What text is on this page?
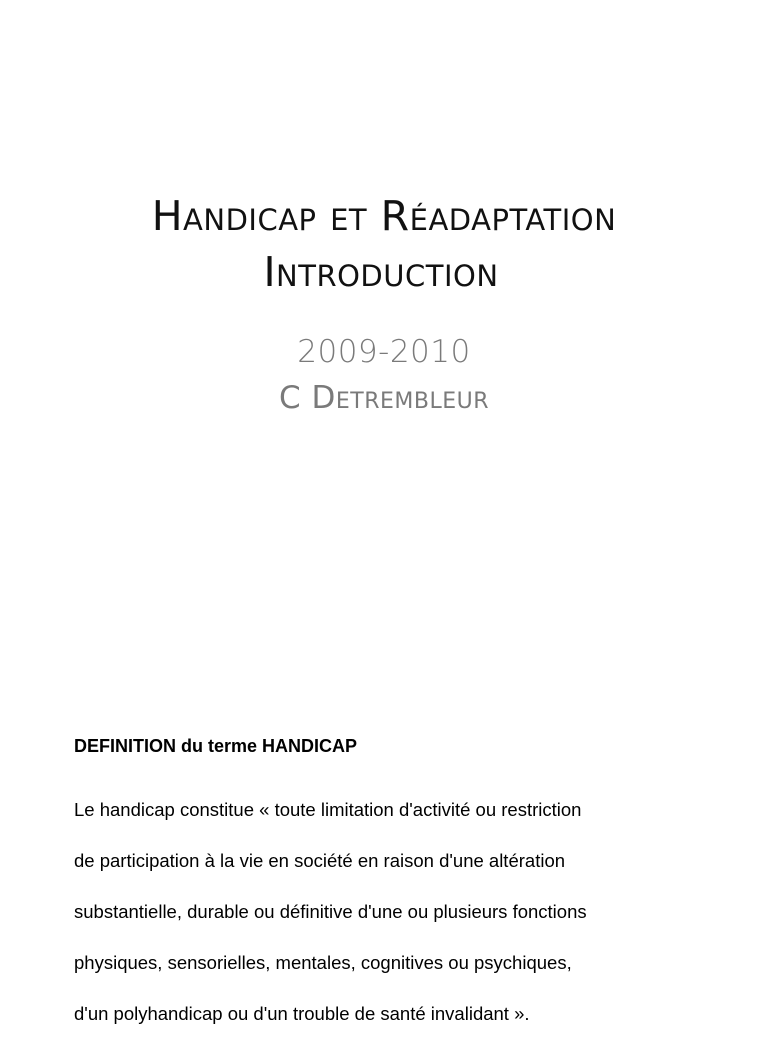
Handicap et Réadaptation
Introduction
2009-2010
C Detrembleur
DEFINITION du terme HANDICAP

Le handicap constitue « toute limitation d'activité ou restriction

de participation à la vie en société en raison d'une altération

substantielle, durable ou définitive d'une ou plusieurs fonctions

physiques, sensorielles, mentales, cognitives ou psychiques,

d'un polyhandicap ou d'un trouble de santé invalidant ».
